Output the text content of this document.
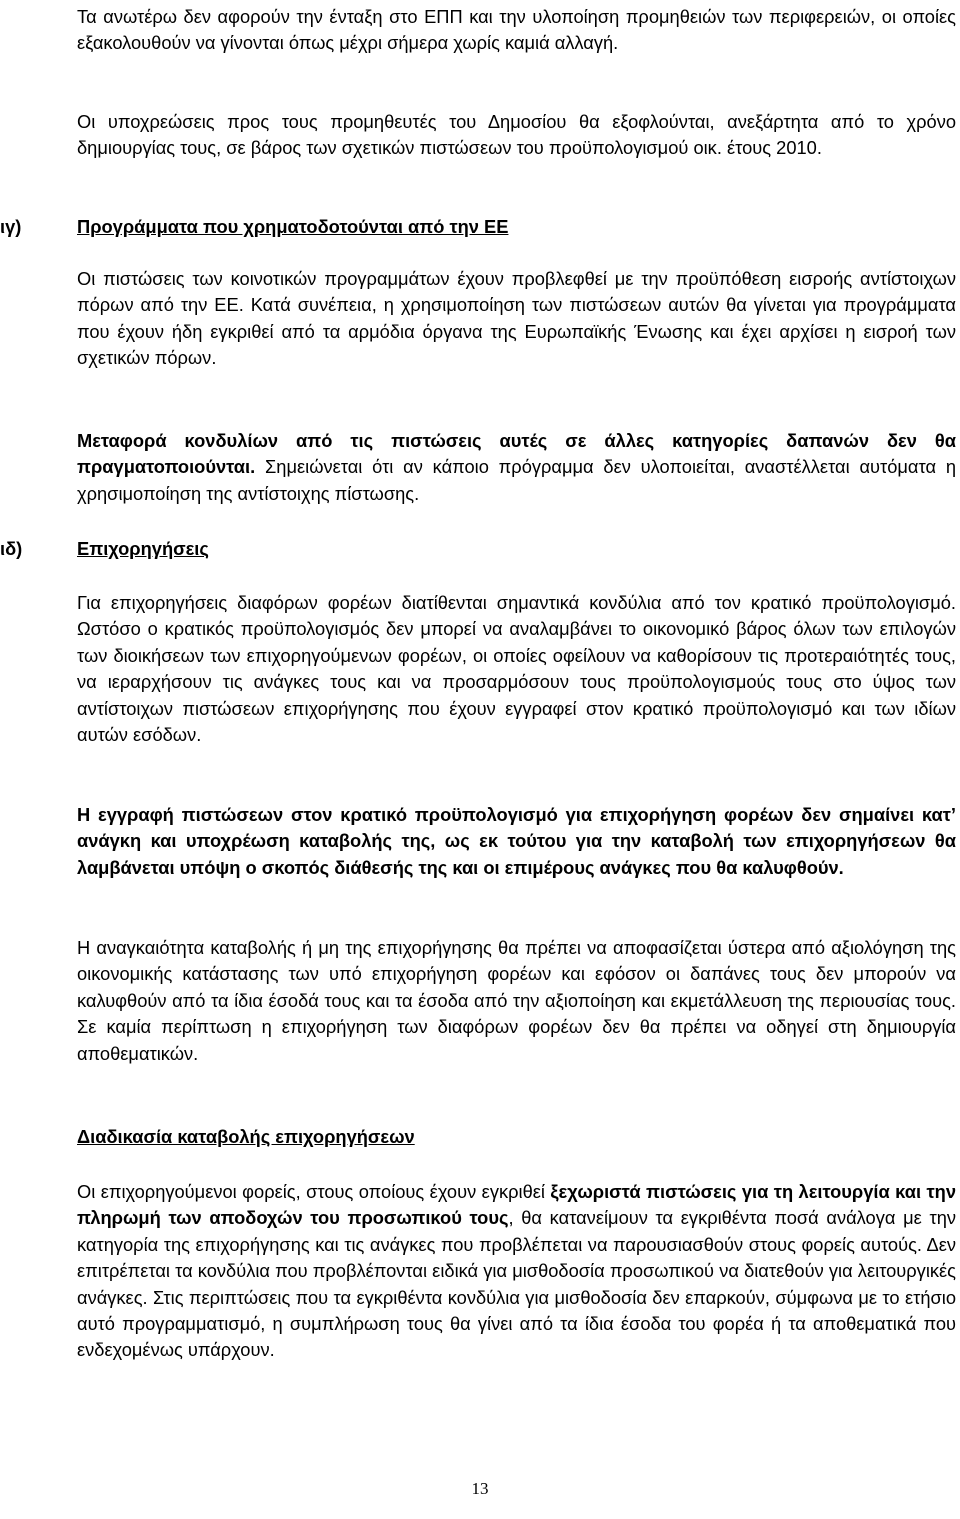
Τα ανωτέρω δεν αφορούν την ένταξη στο ΕΠΠ και την υλοποίηση προμηθειών των περιφερειών, οι οποίες εξακολουθούν να γίνονται όπως μέχρι σήμερα χωρίς καμιά αλλαγή.
Οι υποχρεώσεις προς τους προμηθευτές του Δημοσίου θα εξοφλούνται, ανεξάρτητα από το χρόνο δημιουργίας τους, σε βάρος των σχετικών πιστώσεων του προϋπολογισμού οικ. έτους 2010.
ιγ)	Προγράμματα που χρηματοδοτούνται από την ΕΕ
Οι πιστώσεις των κοινοτικών προγραμμάτων έχουν προβλεφθεί με την προϋπόθεση εισροής αντίστοιχων πόρων από την ΕΕ. Κατά συνέπεια, η χρησιμοποίηση των πιστώσεων αυτών θα γίνεται για προγράμματα που έχουν ήδη εγκριθεί από τα αρμόδια όργανα της Ευρωπαϊκής Ένωσης και έχει αρχίσει η εισροή των σχετικών πόρων.
Μεταφορά κονδυλίων από τις πιστώσεις αυτές σε άλλες κατηγορίες δαπανών δεν θα πραγματοποιούνται. Σημειώνεται ότι αν κάποιο πρόγραμμα δεν υλοποιείται, αναστέλλεται αυτόματα η χρησιμοποίηση της αντίστοιχης πίστωσης.
ιδ)	Επιχορηγήσεις
Για επιχορηγήσεις διαφόρων φορέων διατίθενται σημαντικά κονδύλια από τον κρατικό προϋπολογισμό. Ωστόσο ο κρατικός προϋπολογισμός δεν μπορεί να αναλαμβάνει το οικονομικό βάρος όλων των επιλογών των διοικήσεων των επιχορηγούμενων φορέων, οι οποίες οφείλουν να καθορίσουν τις προτεραιότητές τους, να ιεραρχήσουν τις ανάγκες τους και να προσαρμόσουν τους προϋπολογισμούς τους στο ύψος των αντίστοιχων πιστώσεων επιχορήγησης που έχουν εγγραφεί στον κρατικό προϋπολογισμό και των ιδίων αυτών εσόδων.
Η εγγραφή πιστώσεων στον κρατικό προϋπολογισμό για επιχορήγηση φορέων δεν σημαίνει κατ’ ανάγκη και υποχρέωση καταβολής της, ως εκ τούτου για την καταβολή των επιχορηγήσεων θα λαμβάνεται υπόψη ο σκοπός διάθεσής της και οι επιμέρους ανάγκες που θα καλυφθούν.
Η αναγκαιότητα καταβολής ή μη της επιχορήγησης θα πρέπει να αποφασίζεται ύστερα από αξιολόγηση της οικονομικής κατάστασης των υπό επιχορήγηση φορέων και εφόσον οι δαπάνες τους δεν μπορούν να καλυφθούν από τα ίδια έσοδά τους και τα έσοδα από την αξιοποίηση και εκμετάλλευση της περιουσίας τους. Σε καμία περίπτωση η επιχορήγηση των διαφόρων φορέων δεν θα πρέπει να οδηγεί στη δημιουργία αποθεματικών.
Διαδικασία καταβολής επιχορηγήσεων
Οι επιχορηγούμενοι φορείς, στους οποίους έχουν εγκριθεί ξεχωριστά πιστώσεις για τη λειτουργία και την πληρωμή των αποδοχών του προσωπικού τους, θα κατανείμουν τα εγκριθέντα ποσά ανάλογα με την κατηγορία της επιχορήγησης και τις ανάγκες που προβλέπεται να παρουσιασθούν στους φορείς αυτούς. Δεν επιτρέπεται τα κονδύλια που προβλέπονται ειδικά για μισθοδοσία προσωπικού να διατεθούν για λειτουργικές ανάγκες. Στις περιπτώσεις που τα εγκριθέντα κονδύλια για μισθοδοσία δεν επαρκούν, σύμφωνα με το ετήσιο αυτό προγραμματισμό, η συμπλήρωση τους θα γίνει από τα ίδια έσοδα του φορέα ή τα αποθεματικά που ενδεχομένως υπάρχουν.
13
